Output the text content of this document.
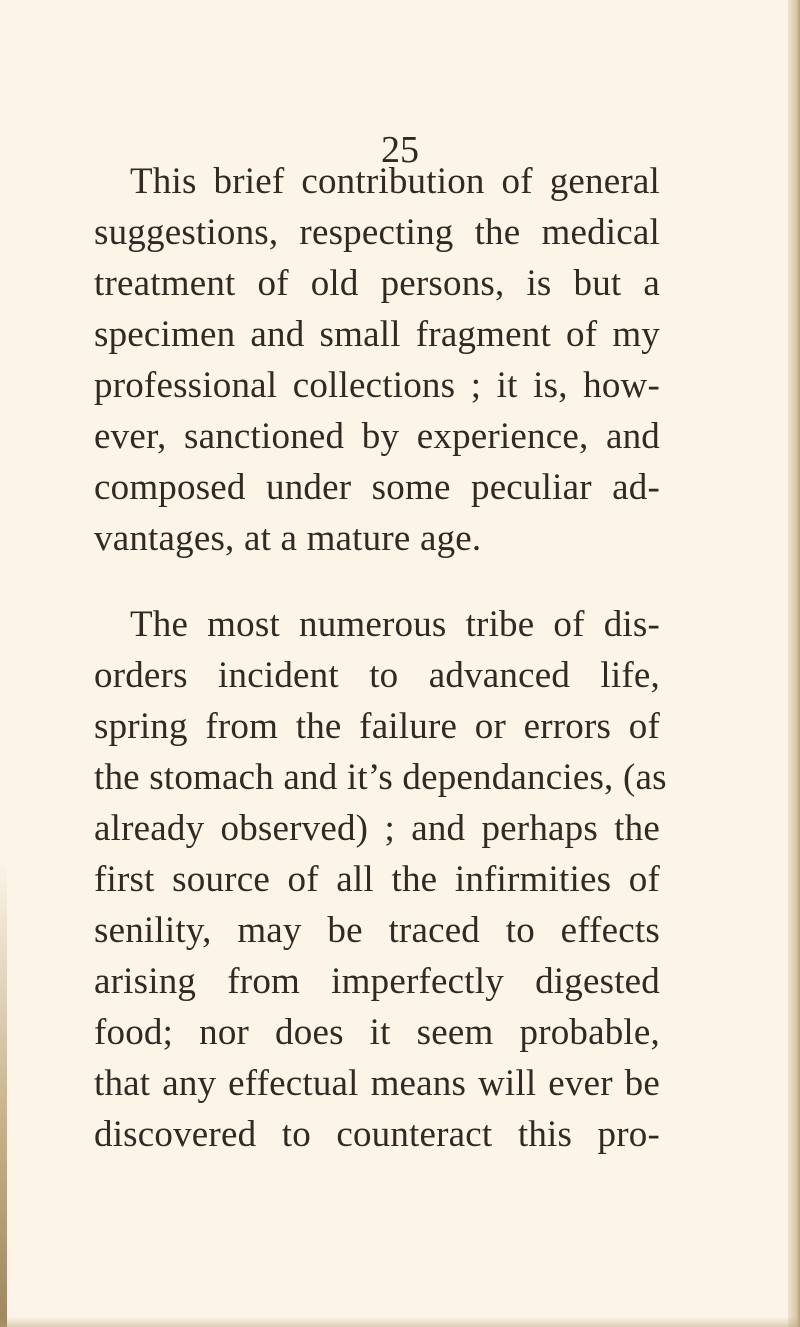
25
This brief contribution of general
suggestions, respecting the medical
treatment of old persons, is but a
specimen and small fragment of my
professional collections ; it is, how-
ever, sanctioned by experience, and
composed under some peculiar ad-
vantages, at a mature age.
The most numerous tribe of dis-
orders incident to advanced life,
spring from the failure or errors of
the stomach and it’s dependancies, (as
already observed) ; and perhaps the
first source of all the infirmities of
senility, may be traced to effects
arising from imperfectly digested
food; nor does it seem probable,
that any effectual means will ever be
discovered to counteract this pro-
